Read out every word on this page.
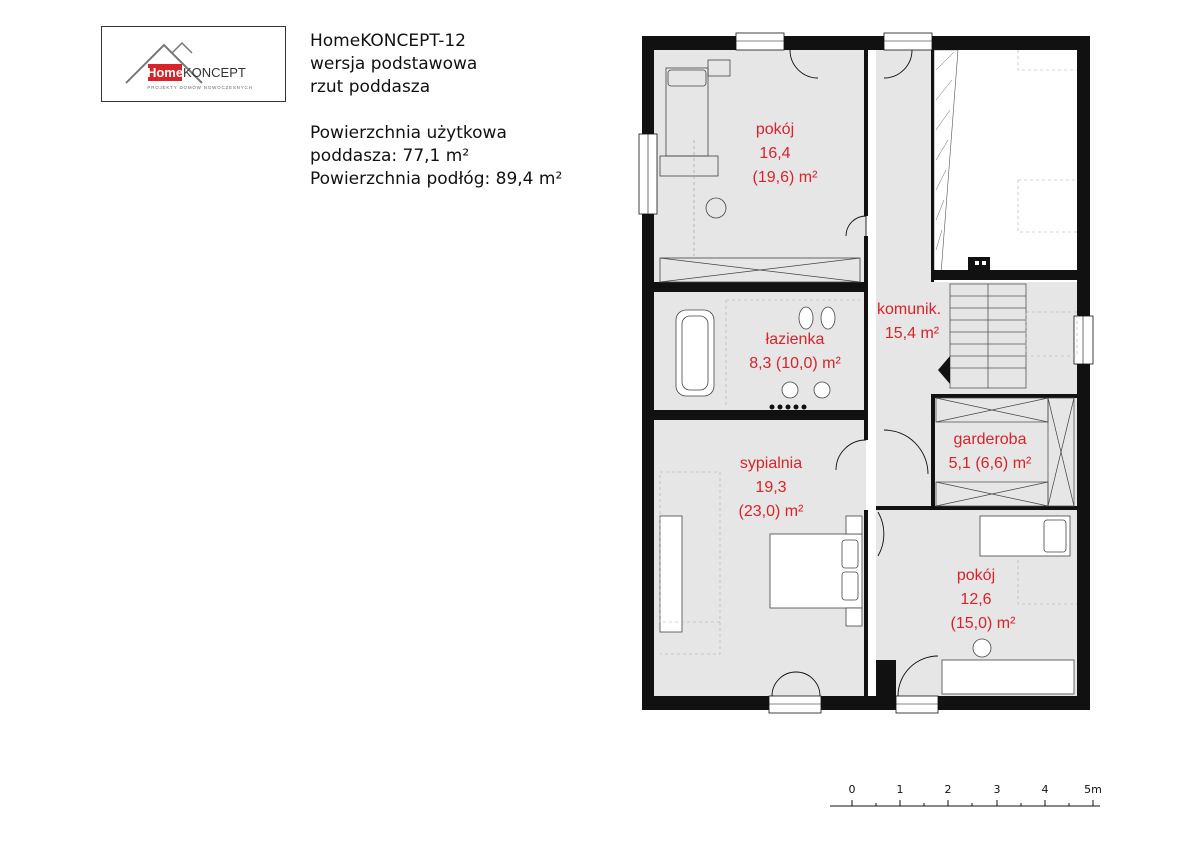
Home KONCEPT
PROJEKTY DOMÓW NOWOCZESNYCH
HomeKONCEPT-12
wersja podstawowa
rzut poddasza
Powierzchnia użytkowa
poddasza: 77,1 m²
Powierzchnia podłóg: 89,4 m²
pokój
16,4
(19,6) m²
łazienka
8,3 (10,0) m²
komunik.
15,4 m²
garderoba
5,1 (6,6) m²
sypialnia
19,3
(23,0) m²
pokój
12,6
(15,0) m²
0	1	2	3	4	5m
